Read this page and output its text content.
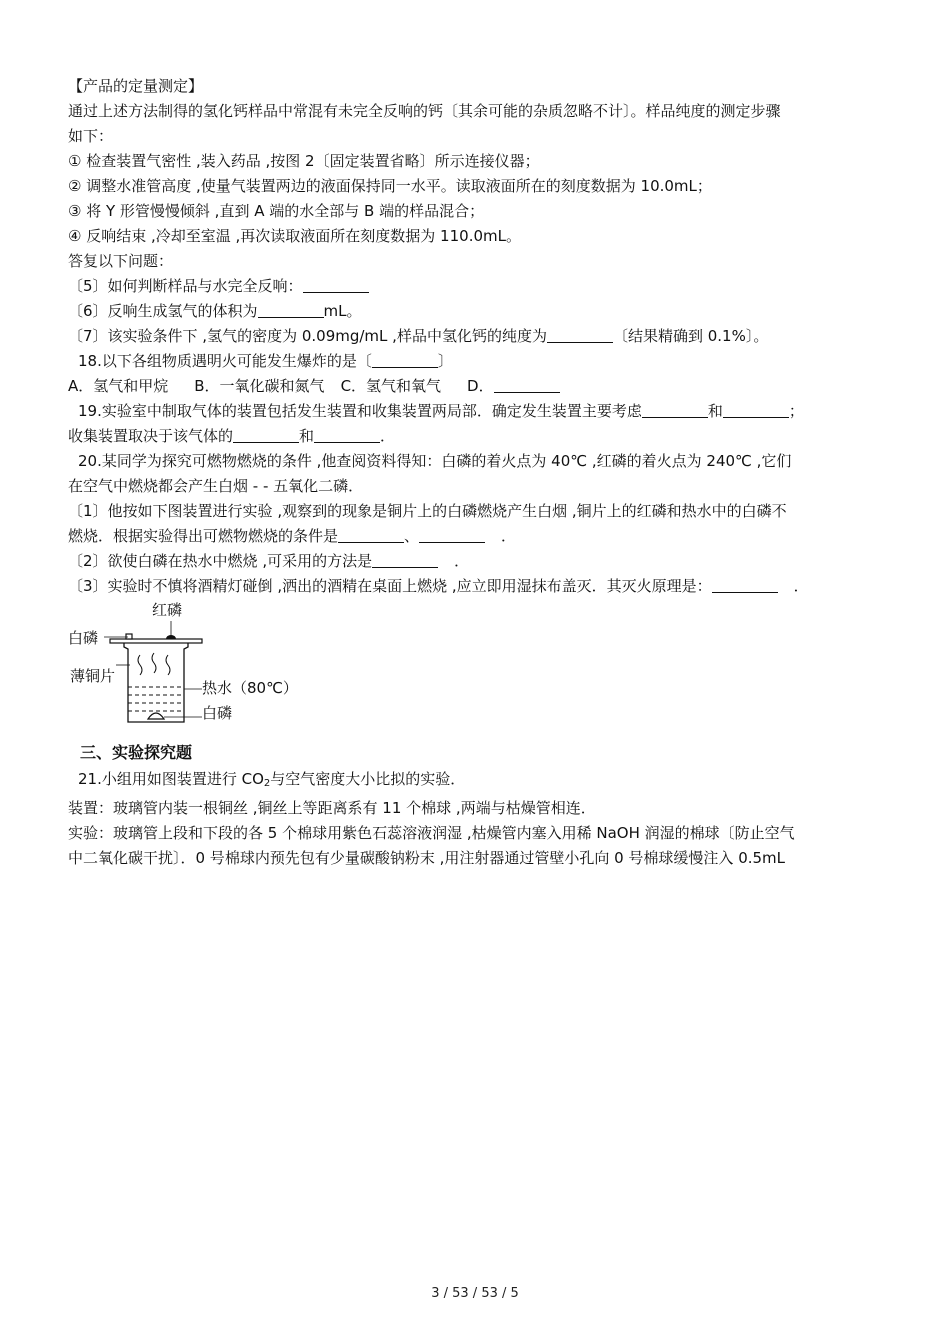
【产品的定量测定】
通过上述方法制得的氢化钙样品中常混有未完全反响的钙〔其余可能的杂质忽略不计〕。样品纯度的测定步骤
如下：
① 检查装置气密性 ,装入药品 ,按图 2〔固定装置省略〕所示连接仪器；
② 调整水准管高度 ,使量气装置两边的液面保持同一水平。读取液面所在的刻度数据为 10.0mL；
③ 将 Y 形管慢慢倾斜 ,直到 A 端的水全部与 B 端的样品混合；
④ 反响结束 ,冷却至室温 ,再次读取液面所在刻度数据为 110.0mL。
答复以下问题：
〔5〕如何判断样品与水完全反响：
〔6〕反响生成氢气的体积为	mL。
〔7〕该实验条件下 ,氢气的密度为 0.09mg/mL ,样品中氢化钙的纯度为	〔结果精确到 0.1%〕。
18.以下各组物质遇明火可能发生爆炸的是〔	〕
A．氢气和甲烷 B．一氧化碳和氮气 C．氢气和氧气 D．
19.实验室中制取气体的装置包括发生装置和收集装置两局部．确定发生装置主要考虑	和	；
收集装置取决于该气体的	和	．
20.某同学为探究可燃物燃烧的条件 ,他查阅资料得知：白磷的着火点为 40℃ ,红磷的着火点为 240℃ ,它们
在空气中燃烧都会产生白烟 - - 五氧化二磷．
〔1〕他按如下图装置进行实验 ,观察到的现象是铜片上的白磷燃烧产生白烟 ,铜片上的红磷和热水中的白磷不
燃烧．根据实验得出可燃物燃烧的条件是	、	．
〔2〕欲使白磷在热水中燃烧 ,可采用的方法是	．
〔3〕实验时不慎将酒精灯碰倒 ,洒出的酒精在桌面上燃烧 ,应立即用湿抹布盖灭．其灭火原理是：	．
红磷
白磷
薄铜片
热水（80℃）
白磷
三、实验探究题
21.小组用如图装置进行 $CO_2$与空气密度大小比拟的实验．
装置：玻璃管内装一根铜丝 ,铜丝上等距离系有 11 个棉球 ,两端与枯燥管相连．
实验：玻璃管上段和下段的各 5 个棉球用紫色石蕊溶液润湿 ,枯燥管内塞入用稀 NaOH 润湿的棉球〔防止空气
中二氧化碳干扰〕．0 号棉球内预先包有少量碳酸钠粉末 ,用注射器通过管壁小孔向 0 号棉球缓慢注入 0.5mL
3 / 53 / 53 / 5
